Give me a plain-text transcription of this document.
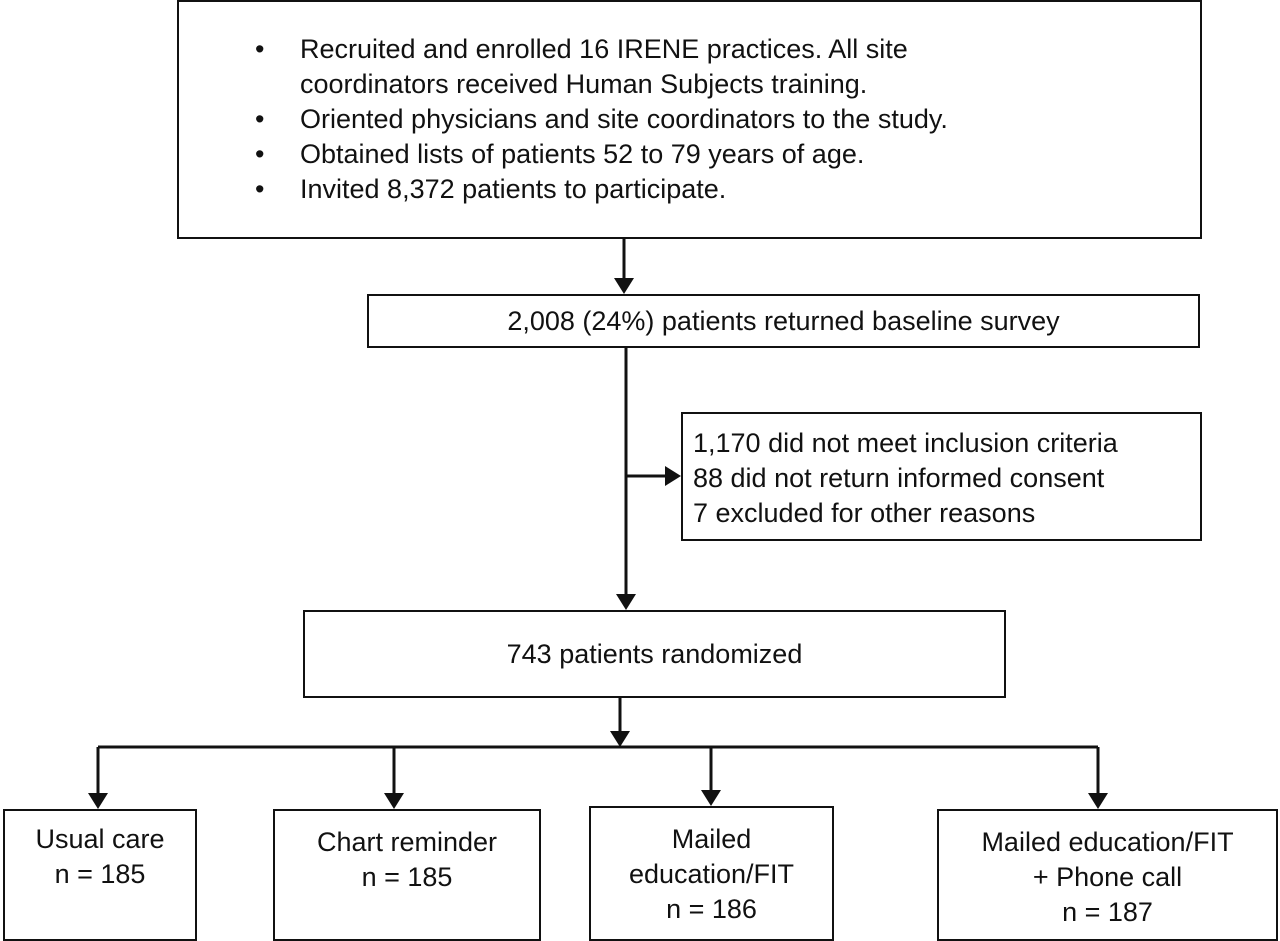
• Recruited and enrolled 16 IRENE practices. All site coordinators received Human Subjects training.
• Oriented physicians and site coordinators to the study.
• Obtained lists of patients 52 to 79 years of age.
• Invited 8,372 patients to participate.
2,008 (24%) patients returned baseline survey
1,170 did not meet inclusion criteria
88 did not return informed consent
7 excluded for other reasons
743 patients randomized
Usual care
n = 185
Chart reminder
n = 185
Mailed
education/FIT
n = 186
Mailed education/FIT
+ Phone call
n = 187
